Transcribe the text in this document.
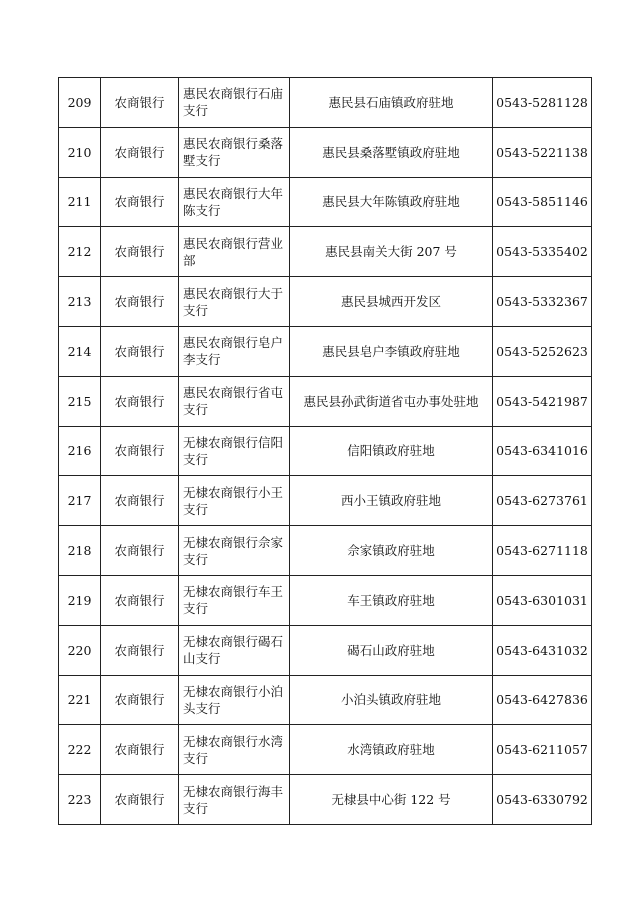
209	农商银行	惠民农商银行石庙支行	惠民县石庙镇政府驻地	0543-5281128
210	农商银行	惠民农商银行桑落墅支行	惠民县桑落墅镇政府驻地	0543-5221138
211	农商银行	惠民农商银行大年陈支行	惠民县大年陈镇政府驻地	0543-5851146
212	农商银行	惠民农商银行营业部	惠民县南关大街 207 号	0543-5335402
213	农商银行	惠民农商银行大于支行	惠民县城西开发区	0543-5332367
214	农商银行	惠民农商银行皂户李支行	惠民县皂户李镇政府驻地	0543-5252623
215	农商银行	惠民农商银行省屯支行	惠民县孙武街道省屯办事处驻地	0543-5421987
216	农商银行	无棣农商银行信阳支行	信阳镇政府驻地	0543-6341016
217	农商银行	无棣农商银行小王支行	西小王镇政府驻地	0543-6273761
218	农商银行	无棣农商银行佘家支行	佘家镇政府驻地	0543-6271118
219	农商银行	无棣农商银行车王支行	车王镇政府驻地	0543-6301031
220	农商银行	无棣农商银行碣石山支行	碣石山政府驻地	0543-6431032
221	农商银行	无棣农商银行小泊头支行	小泊头镇政府驻地	0543-6427836
222	农商银行	无棣农商银行水湾支行	水湾镇政府驻地	0543-6211057
223	农商银行	无棣农商银行海丰支行	无棣县中心街 122 号	0543-6330792
